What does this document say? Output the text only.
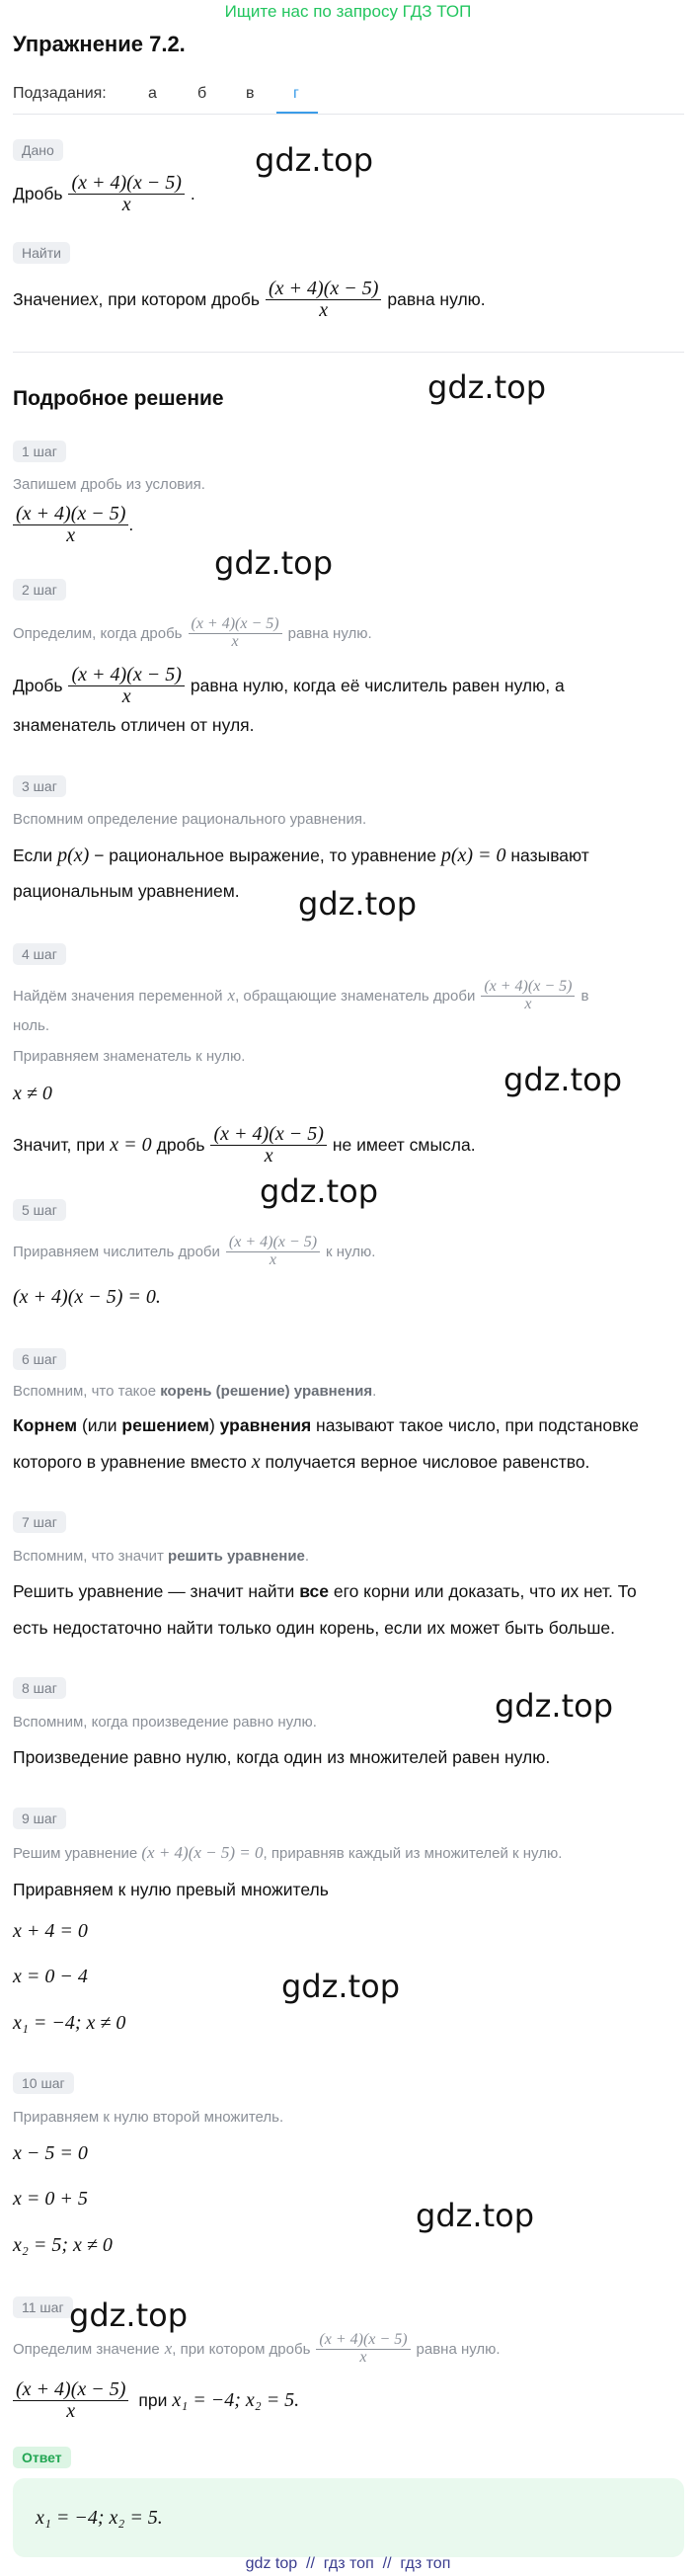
Ищите нас по запросу ГДЗ ТОП
Упражнение 7.2.
Подзадания:	а	б в г
Дано
Дробь $\frac{(x + 4)(x - 5)}{x}$ .
gdz.top
Найти
Значение x , при котором дробь $\frac{(x + 4)(x - 5)}{x}$ равна нулю.
Подробное решение	gdz.top
1 шаг
Запишем дробь из условия.
$\frac{(x + 4)(x - 5)}{x}$ .
gdz.top
2 шаг
Определим, когда дробь $\frac{(x + 4)(x - 5)}{x}$ равна нулю.
Дробь $\frac{(x + 4)(x - 5)}{x}$ равна нулю, когда её числитель равен нулю, а
знаменатель отличен от нуля.
3 шаг
Вспомним определение рационального уравнения.
Если p(x) − рациональное выражение, то уравнение p(x) = 0 называют
рациональным уравнением. gdz.top
4 шаг
Найдём значения переменной x , обращающие знаменатель дроби $\frac{(x + 4)(x - 5)}{x}$ в
ноль.
Приравняем знаменатель к нулю.
x ≠ 0	gdz.top
Значит, при x = 0 дробь $\frac{(x + 4)(x - 5)}{x}$ не имеет смысла.
gdz.top
5 шаг
Приравняем числитель дроби $\frac{(x + 4)(x - 5)}{x}$ к нулю.
(x + 4)(x − 5) = 0.
6 шаг
Вспомним, что такое корень (решение) уравнения.
Корнем (или решением) уравнения называют такое число, при подстановке
которого в уравнение вместо x получается верное числовое равенство.
7 шаг
Вспомним, что значит решить уравнение.
Решить уравнение — значит найти все его корни или доказать, что их нет. То
есть недостаточно найти только один корень, если их может быть больше.
8 шаг
Вспомним, когда произведение равно нулю.	gdz.top
Произведение равно нулю, когда один из множителей равен нулю.
9 шаг
Решим уравнение (x + 4)(x − 5) = 0, приравняв каждый из множителей к нулю.
Приравняем к нулю превый множитель
x + 4 = 0
x = 0 − 4
x₁ = −4; x ≠ 0
gdz.top
10 шаг
Приравняем к нулю второй множитель.
x − 5 = 0
x = 0 + 5
x₂ = 5; x ≠ 0
gdz.top
11 шаг gdz.top
Определим значение x , при котором дробь $\frac{(x + 4)(x - 5)}{x}$ равна нулю.
$\frac{(x + 4)(x - 5)}{x}$ при x₁ = −4; x₂ = 5.
Ответ
x₁ = −4; x₂ = 5.
gdz top  //  гдз топ  //  гдз топ
